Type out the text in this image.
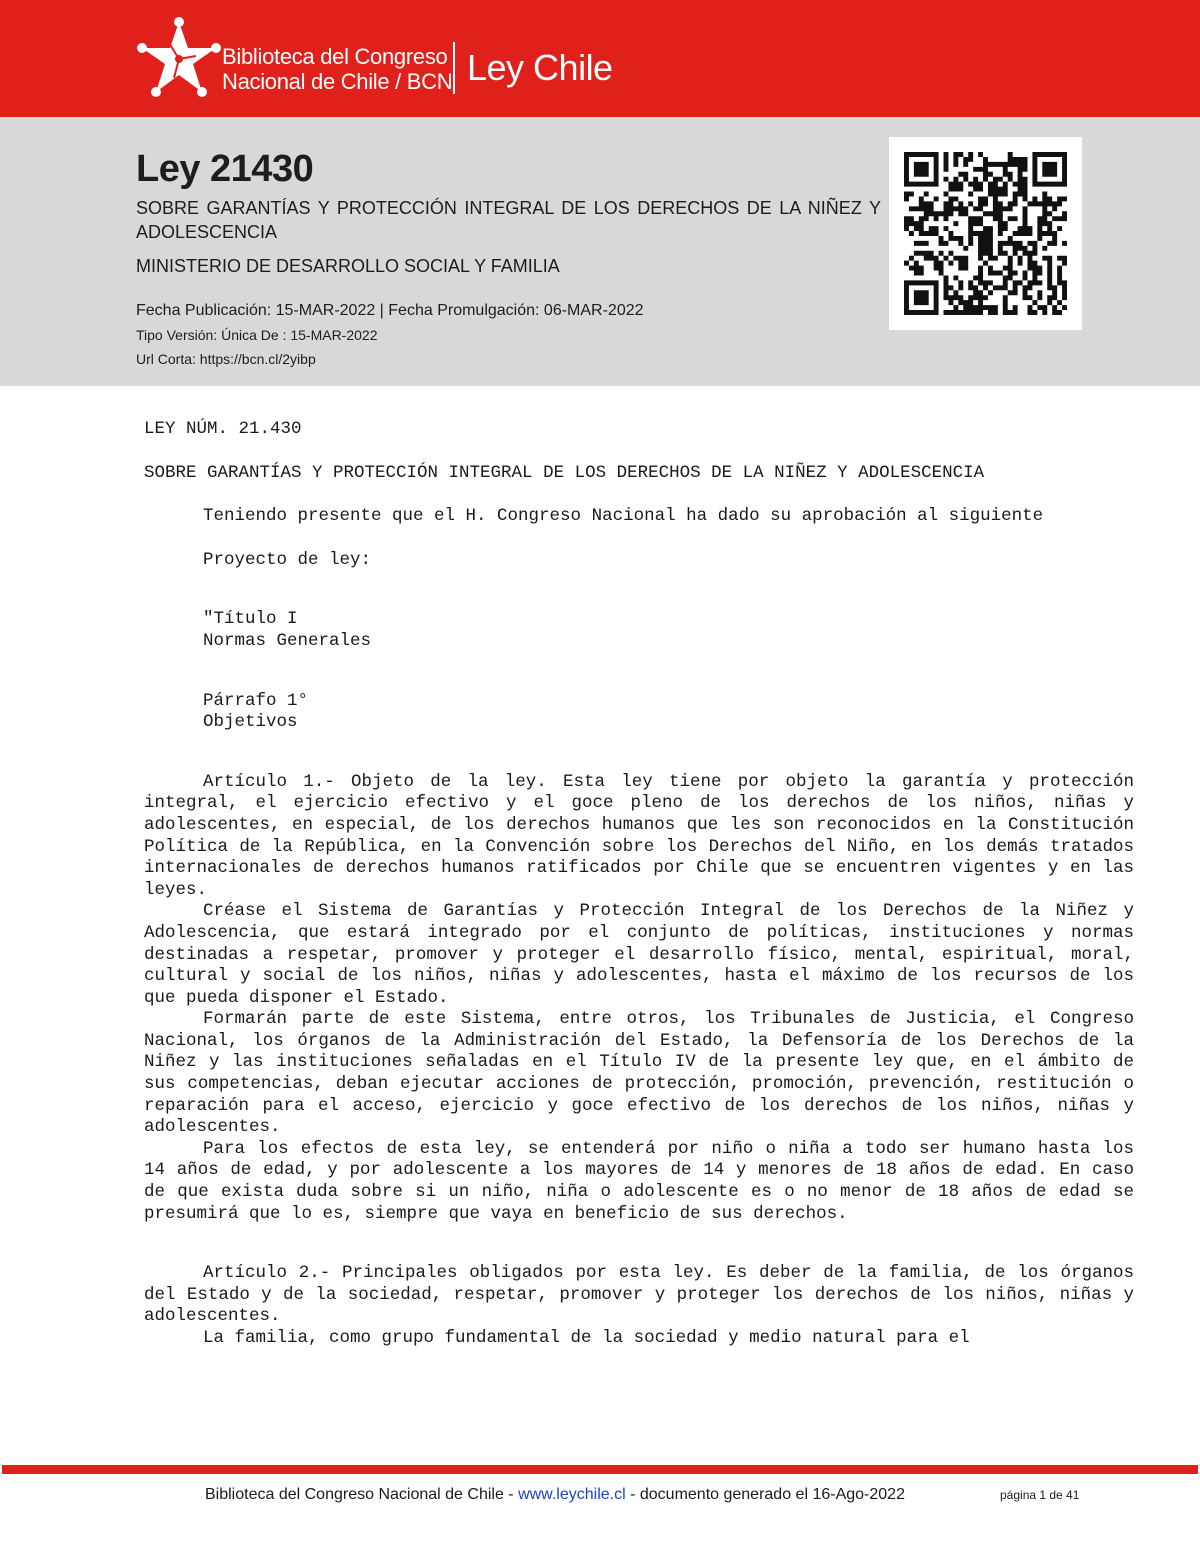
Biblioteca del Congreso
Nacional de Chile / BCN Ley Chile
Ley 21430
SOBRE GARANTÍAS Y PROTECCIÓN INTEGRAL DE LOS DERECHOS DE LA NIÑEZ Y ADOLESCENCIA
MINISTERIO DE DESARROLLO SOCIAL Y FAMILIA
Fecha Publicación: 15-MAR-2022 | Fecha Promulgación: 06-MAR-2022
Tipo Versión: Única De : 15-MAR-2022
Url Corta: https://bcn.cl/2yibp

LEY NÚM. 21.430

SOBRE GARANTÍAS Y PROTECCIÓN INTEGRAL DE LOS DERECHOS DE LA NIÑEZ Y ADOLESCENCIA

Teniendo presente que el H. Congreso Nacional ha dado su aprobación al siguiente

Proyecto de ley:

"Título I

Normas Generales

Párrafo 1°

Objetivos

Artículo 1.- Objeto de la ley. Esta ley tiene por objeto la garantía y protección integral, el ejercicio efectivo y el goce pleno de los derechos de los niños, niñas y adolescentes, en especial, de los derechos humanos que les son reconocidos en la Constitución Política de la República, en la Convención sobre los Derechos del Niño, en los demás tratados internacionales de derechos humanos ratificados por Chile que se encuentren vigentes y en las leyes.

Créase el Sistema de Garantías y Protección Integral de los Derechos de la Niñez y Adolescencia, que estará integrado por el conjunto de políticas, instituciones y normas destinadas a respetar, promover y proteger el desarrollo físico, mental, espiritual, moral, cultural y social de los niños, niñas y adolescentes, hasta el máximo de los recursos de los que pueda disponer el Estado.

Formarán parte de este Sistema, entre otros, los Tribunales de Justicia, el Congreso Nacional, los órganos de la Administración del Estado, la Defensoría de los Derechos de la Niñez y las instituciones señaladas en el Título IV de la presente ley que, en el ámbito de sus competencias, deban ejecutar acciones de protección, promoción, prevención, restitución o reparación para el acceso, ejercicio y goce efectivo de los derechos de los niños, niñas y adolescentes.

Para los efectos de esta ley, se entenderá por niño o niña a todo ser humano hasta los 14 años de edad, y por adolescente a los mayores de 14 y menores de 18 años de edad. En caso de que exista duda sobre si un niño, niña o adolescente es o no menor de 18 años de edad se presumirá que lo es, siempre que vaya en beneficio de sus derechos.

Artículo 2.- Principales obligados por esta ley. Es deber de la familia, de los órganos del Estado y de la sociedad, respetar, promover y proteger los derechos de los niños, niñas y adolescentes.

La familia, como grupo fundamental de la sociedad y medio natural para el

Biblioteca del Congreso Nacional de Chile - www.leychile.cl - documento generado el 16-Ago-2022	página 1 de 41
